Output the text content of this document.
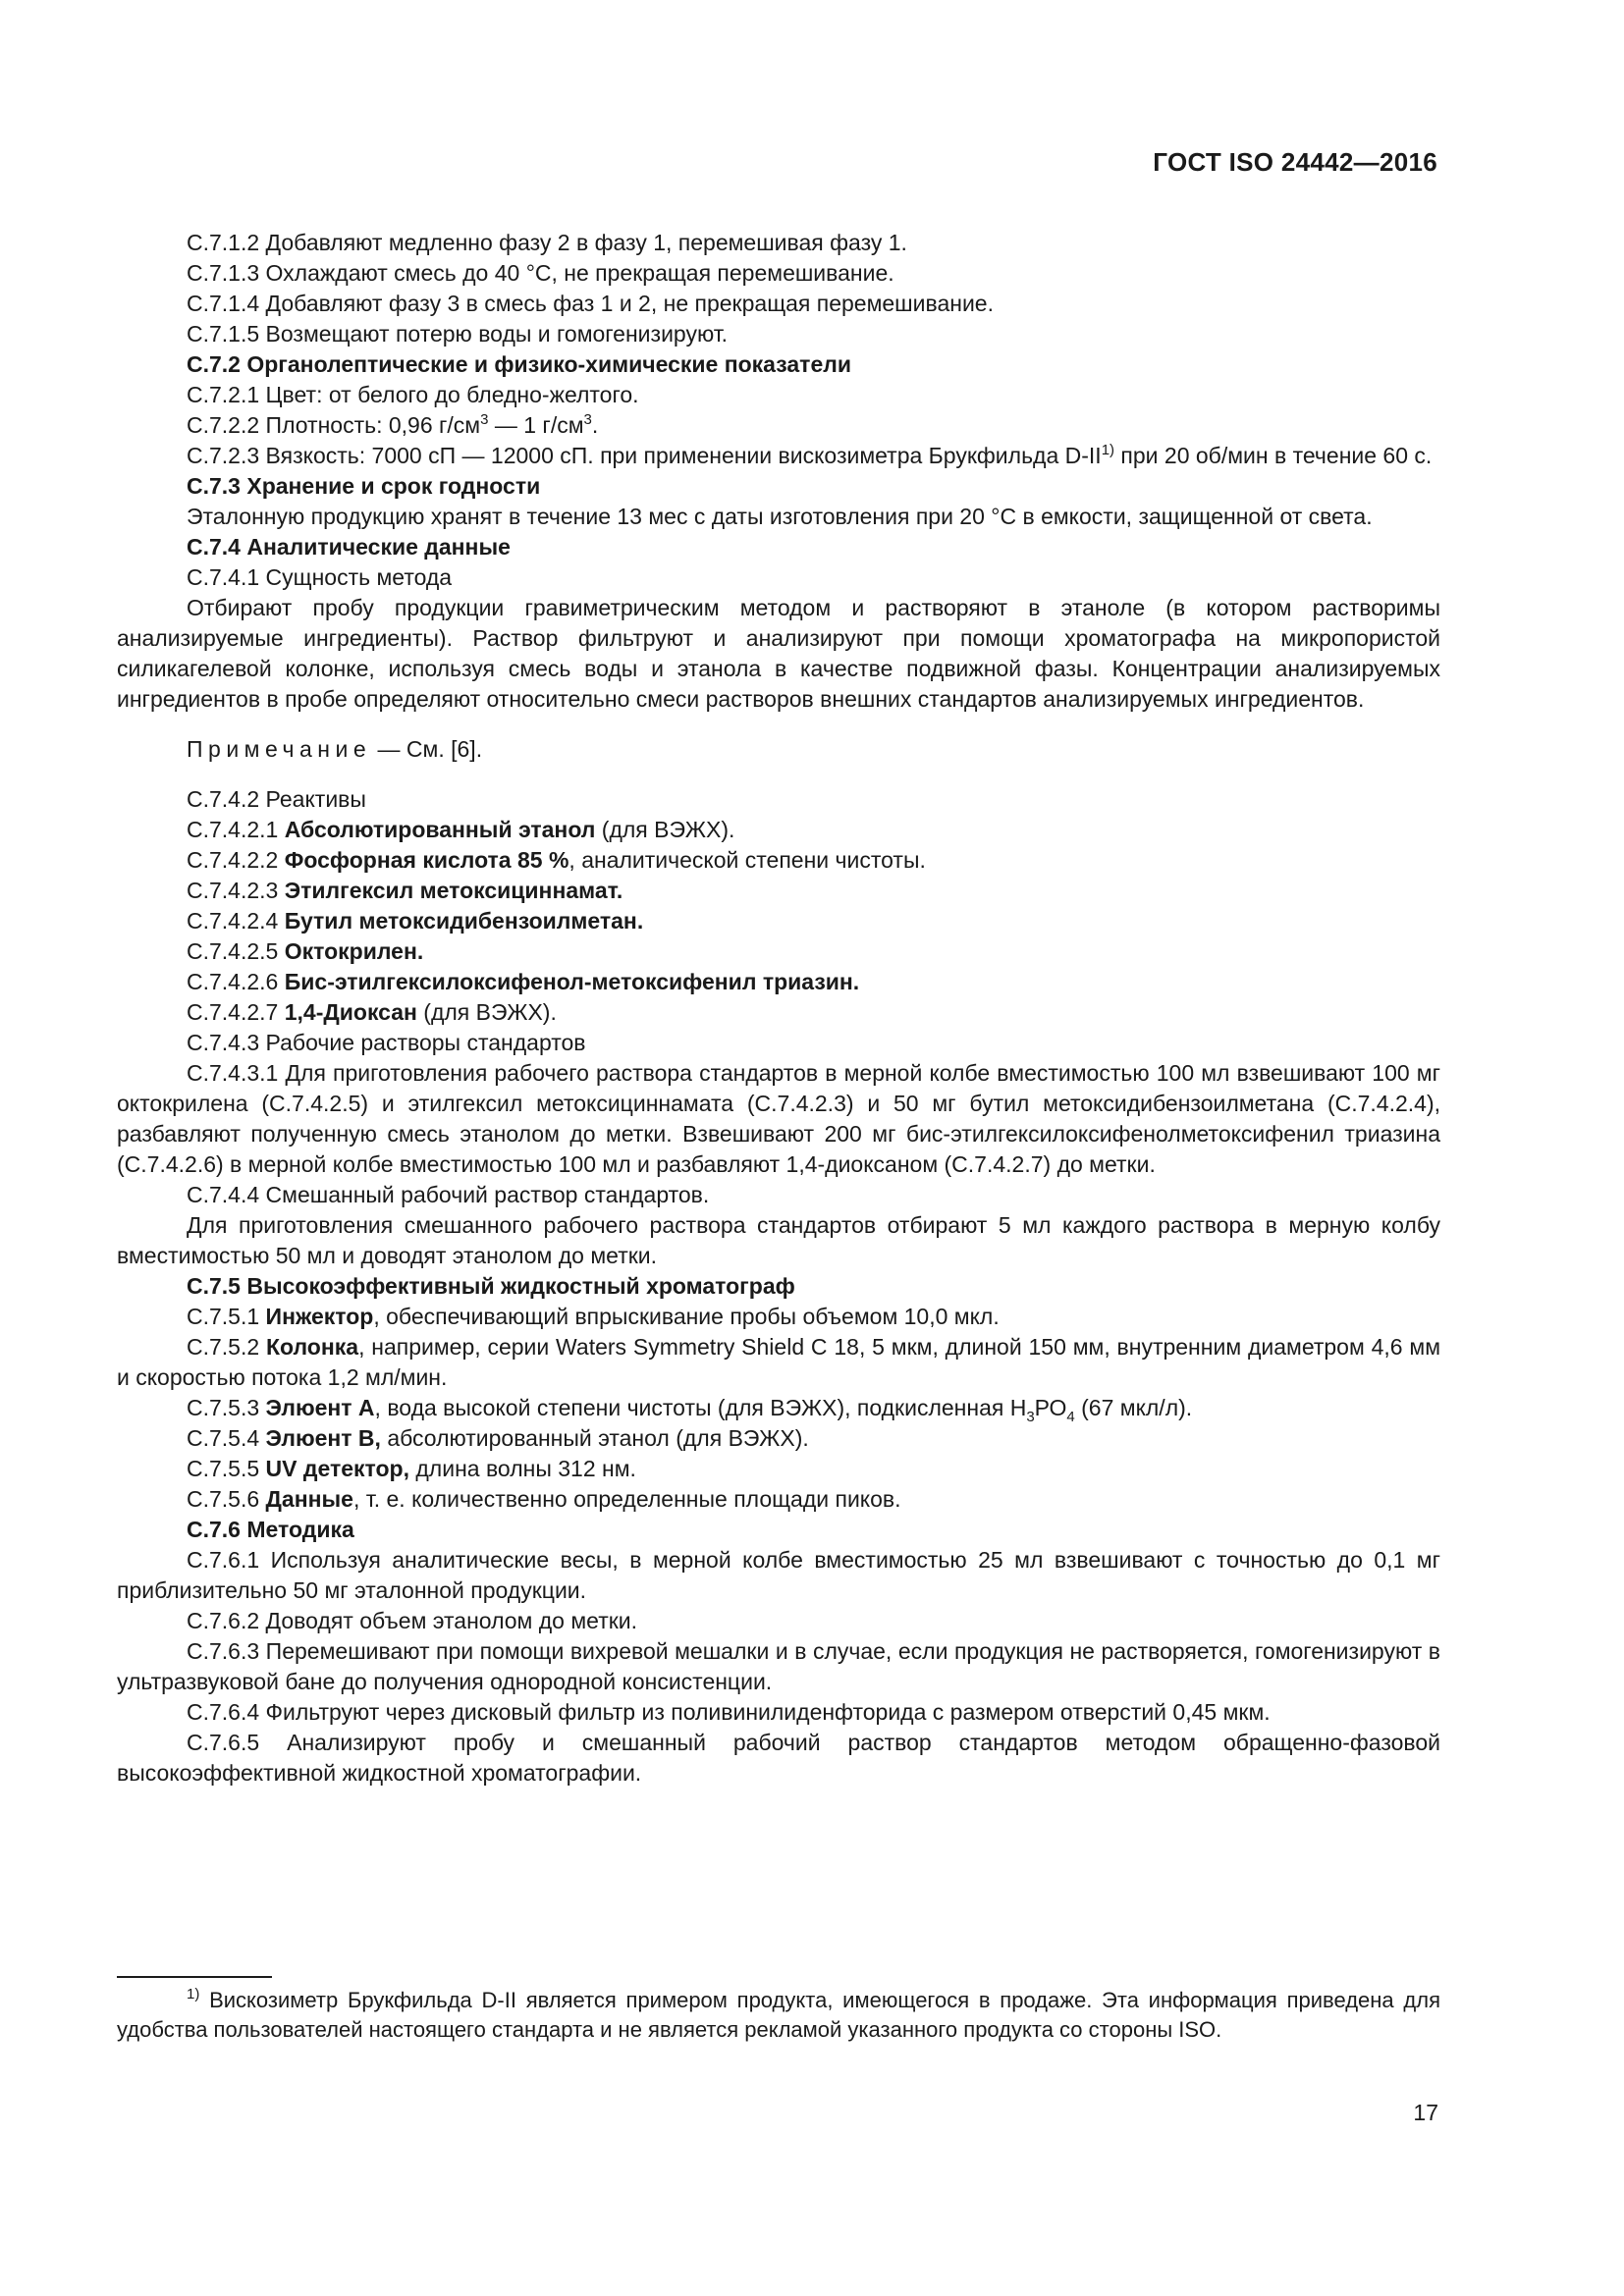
ГОСТ ISO 24442—2016

С.7.1.2 Добавляют медленно фазу 2 в фазу 1, перемешивая фазу 1.

С.7.1.3 Охлаждают смесь до 40 °С, не прекращая перемешивание.

С.7.1.4 Добавляют фазу 3 в смесь фаз 1 и 2, не прекращая перемешивание.

С.7.1.5 Возмещают потерю воды и гомогенизируют.

С.7.2 Органолептические и физико-химические показатели

С.7.2.1 Цвет: от белого до бледно-желтого.

С.7.2.2 Плотность: 0,96 $г/см^3$ — 1 $г/см^3$.

С.7.2.3 Вязкость: 7000 сП — 12000 сП. при применении вискозиметра Брукфильда D-II$^{1)}$ при 20 об/мин в течение 60 с.

С.7.3 Хранение и срок годности

Эталонную продукцию хранят в течение 13 мес с даты изготовления при 20 °С в емкости, защищенной от света.

С.7.4 Аналитические данные

С.7.4.1 Сущность метода

Отбирают пробу продукции гравиметрическим методом и растворяют в этаноле (в котором растворимы анализируемые ингредиенты). Раствор фильтруют и анализируют при помощи хроматографа на микропористой силикагелевой колонке, используя смесь воды и этанола в качестве подвижной фазы. Концентрации анализируемых ингредиентов в пробе определяют относительно смеси растворов внешних стандартов анализируемых ингредиентов.

Примечание — См. [6].

С.7.4.2 Реактивы

С.7.4.2.1 Абсолютированный этанол (для ВЭЖХ).

С.7.4.2.2 Фосфорная кислота 85 %, аналитической степени чистоты.

С.7.4.2.3 Этилгексил метоксициннамат.

С.7.4.2.4 Бутил метоксидибензоилметан.

С.7.4.2.5 Октокрилен.

С.7.4.2.6 Бис-этилгексилоксифенол-метоксифенил триазин.

С.7.4.2.7 1,4-Диоксан (для ВЭЖХ).

С.7.4.3 Рабочие растворы стандартов

С.7.4.3.1 Для приготовления рабочего раствора стандартов в мерной колбе вместимостью 100 мл взвешивают 100 мг октокрилена (С.7.4.2.5) и этилгексил метоксициннамата (С.7.4.2.3) и 50 мг бутил метоксидибензоилметана (С.7.4.2.4), разбавляют полученную смесь этанолом до метки. Взвешивают 200 мг бис-этилгексилоксифенолметоксифенил триазина (С.7.4.2.6) в мерной колбе вместимостью 100 мл и разбавляют 1,4-диоксаном (С.7.4.2.7) до метки.

С.7.4.4 Смешанный рабочий раствор стандартов.

Для приготовления смешанного рабочего раствора стандартов отбирают 5 мл каждого раствора в мерную колбу вместимостью 50 мл и доводят этанолом до метки.

С.7.5 Высокоэффективный жидкостный хроматограф

С.7.5.1 Инжектор, обеспечивающий впрыскивание пробы объемом 10,0 мкл.

С.7.5.2 Колонка, например, серии Waters Symmetry Shield С 18, 5 мкм, длиной 150 мм, внутренним диаметром 4,6 мм и скоростью потока 1,2 мл/мин.

С.7.5.3 Элюент А, вода высокой степени чистоты (для ВЭЖХ), подкисленная $Н_3РО_4$ (67 мкл/л).

С.7.5.4 Элюент В, абсолютированный этанол (для ВЭЖХ).

С.7.5.5 UV детектор, длина волны 312 нм.

С.7.5.6 Данные, т. е. количественно определенные площади пиков.

С.7.6 Методика

С.7.6.1 Используя аналитические весы, в мерной колбе вместимостью 25 мл взвешивают с точностью до 0,1 мг приблизительно 50 мг эталонной продукции.

С.7.6.2 Доводят объем этанолом до метки.

С.7.6.3 Перемешивают при помощи вихревой мешалки и в случае, если продукция не растворяется, гомогенизируют в ультразвуковой бане до получения однородной консистенции.

С.7.6.4 Фильтруют через дисковый фильтр из поливинилиденфторида с размером отверстий 0,45 мкм.

С.7.6.5 Анализируют пробу и смешанный рабочий раствор стандартов методом обращенно-фазовой высокоэффективной жидкостной хроматографии.

$^{1)}$ Вискозиметр Брукфильда D-II является примером продукта, имеющегося в продаже. Эта информация приведена для удобства пользователей настоящего стандарта и не является рекламой указанного продукта со стороны ISO.

17
